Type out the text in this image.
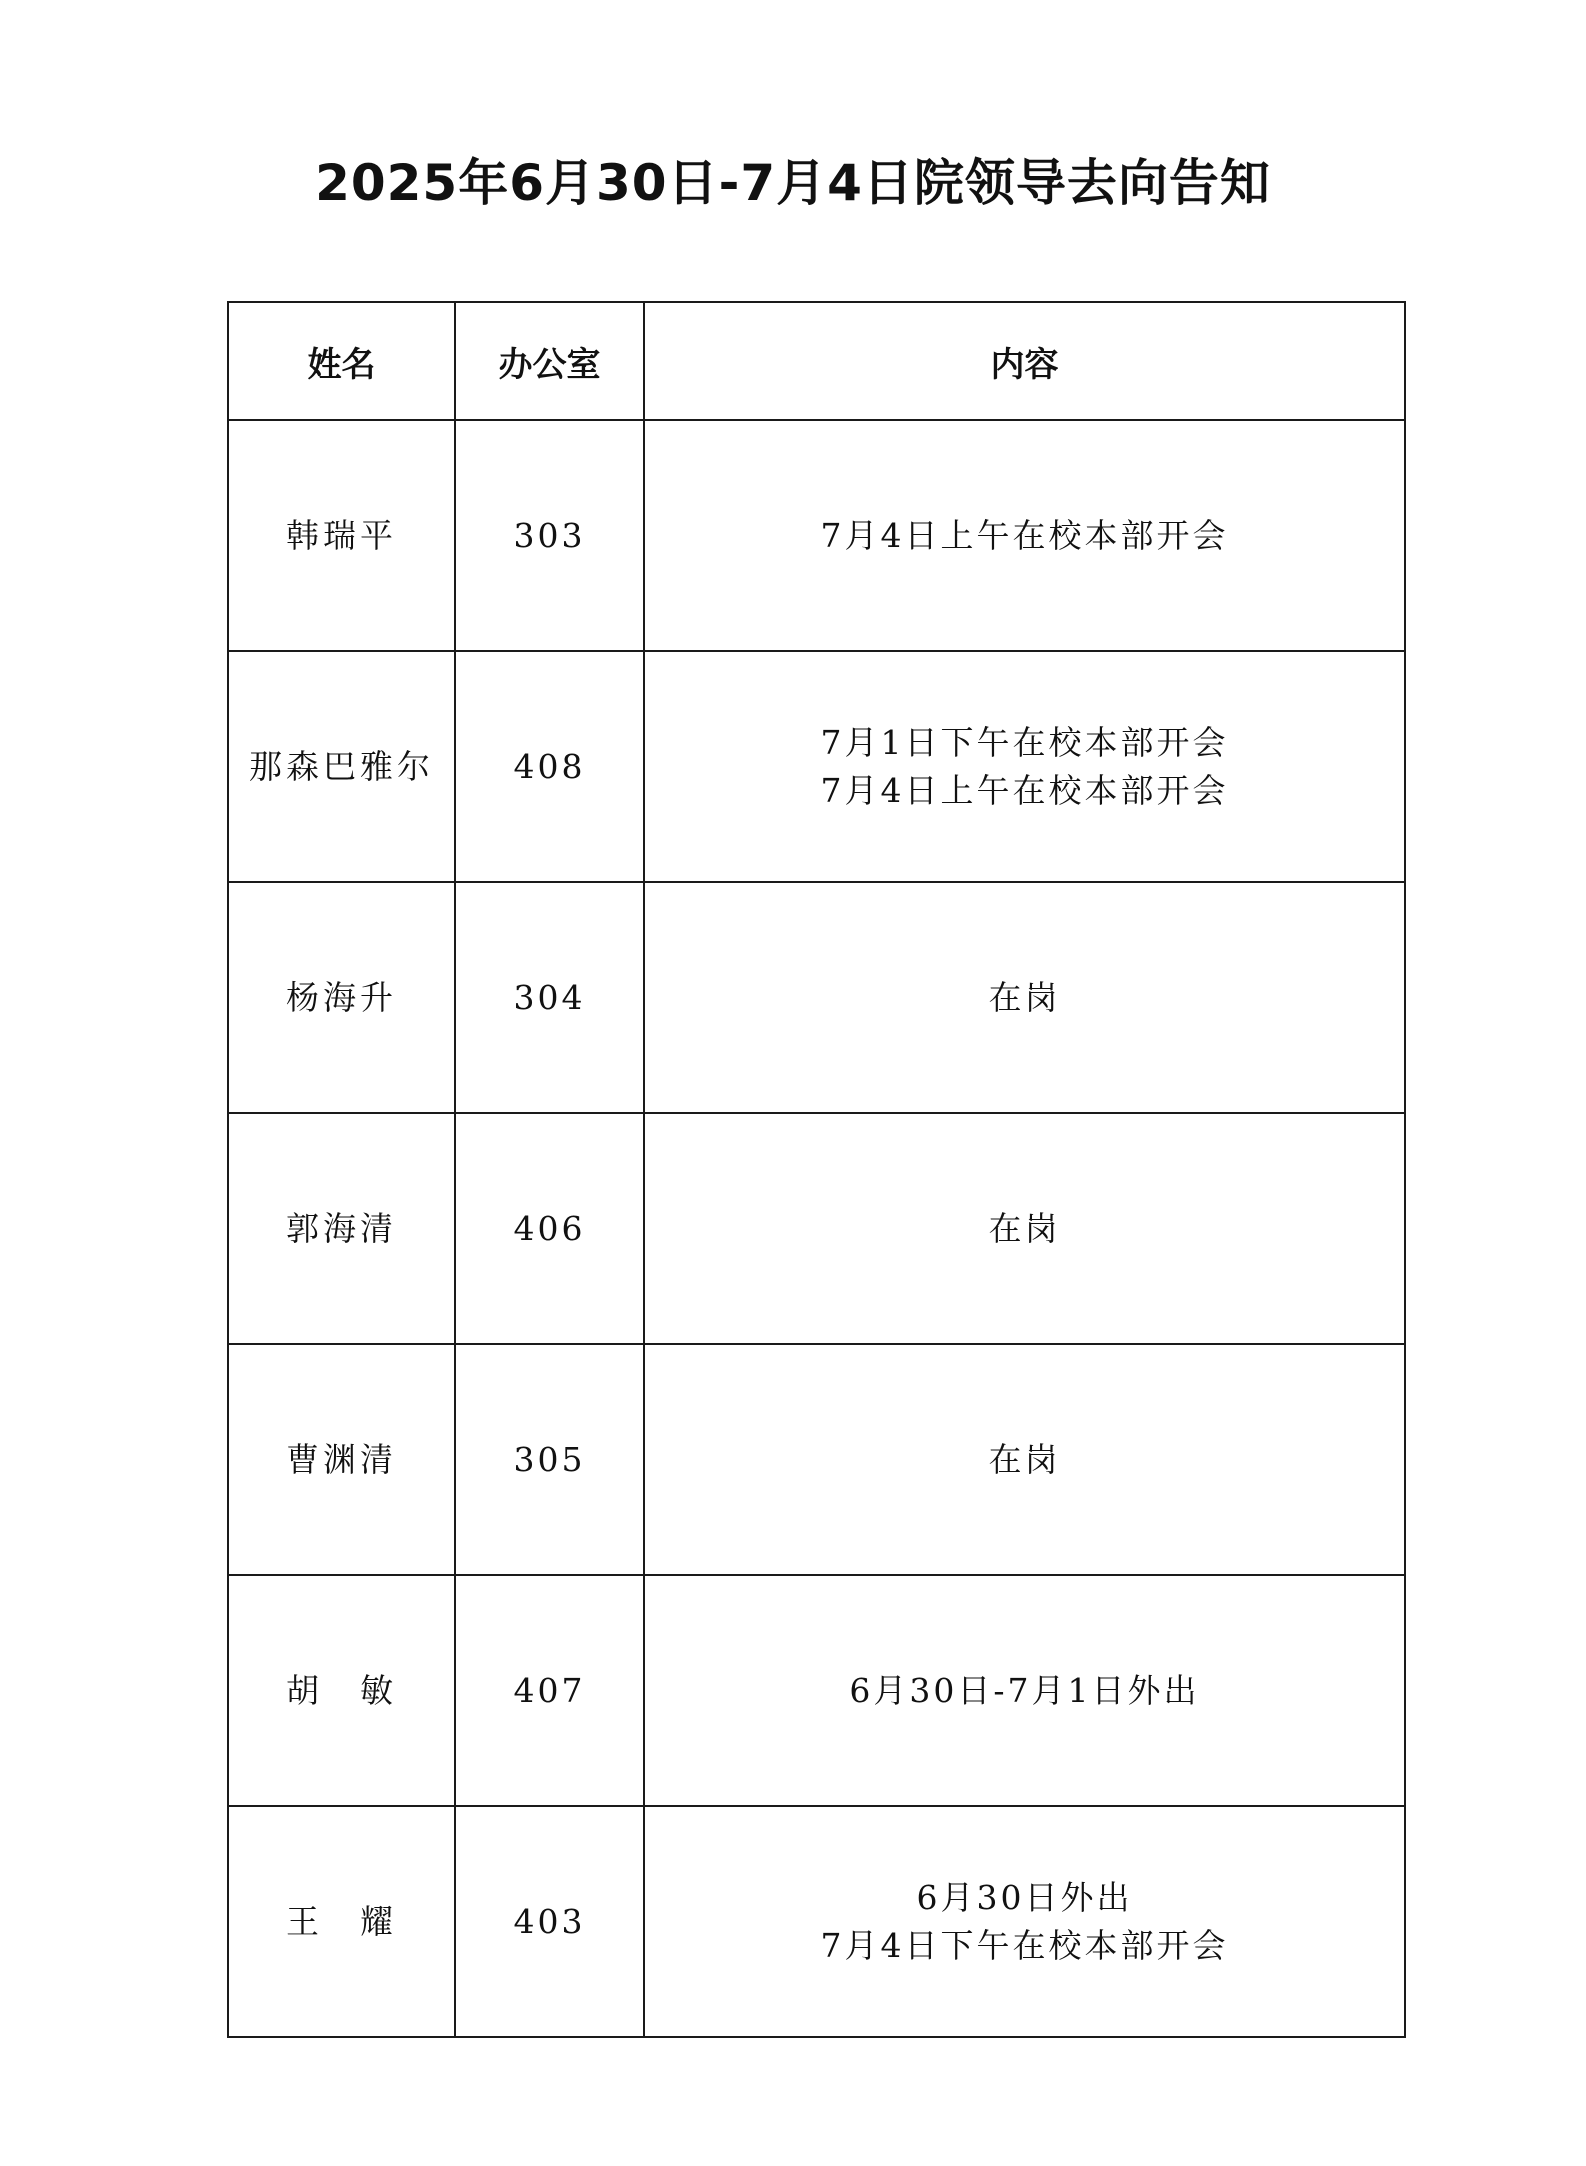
2025年6月30日-7月4日院领导去向告知
姓名	办公室	内容
韩瑞平	303	7月4日上午在校本部开会

那森巴雅尔	408	7月1日下午在校本部开会
7月4日上午在校本部开会

杨海升	304	在岗

郭海清	406	在岗

曹渊清	305	在岗

胡　敏	407	6月30日-7月1日外出

王　耀	403	6月30日外出
7月4日下午在校本部开会
